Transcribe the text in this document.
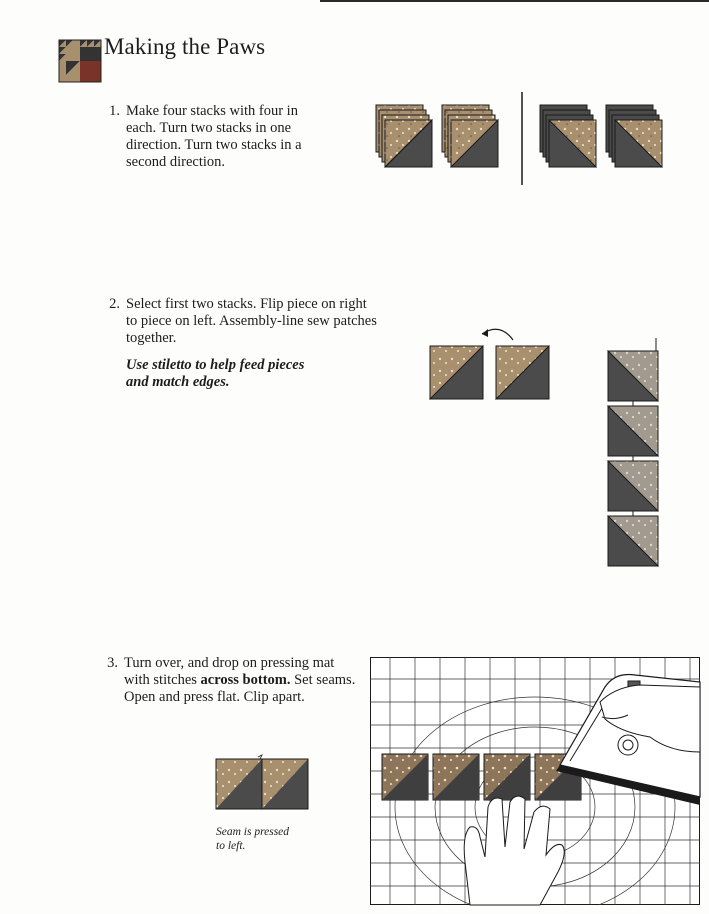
Making the Paws
1. Make four stacks with four in
each. Turn two stacks in one
direction. Turn two stacks in a
second direction.
2. Select first two stacks. Flip piece on right
to piece on left. Assembly-line sew patches
together.
Use stiletto to help feed pieces
and match edges.
3. Turn over, and drop on pressing mat
with stitches across bottom. Set seams.
Open and press flat. Clip apart.
Seam is pressed
to left.
